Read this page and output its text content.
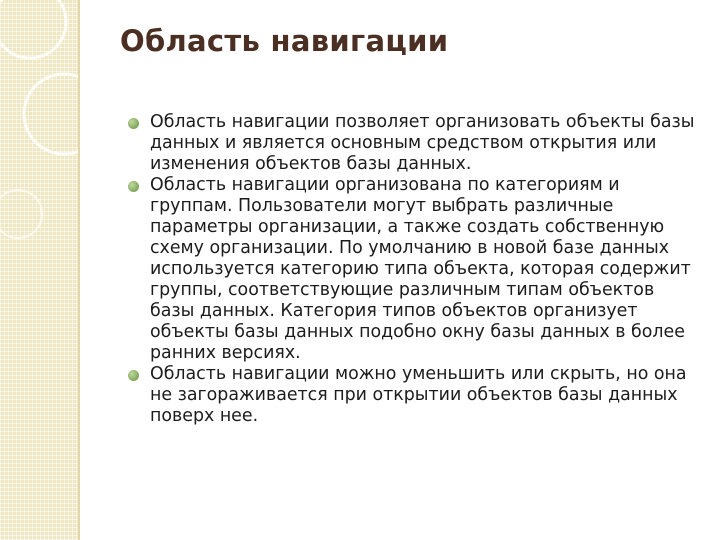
Область навигации
Область навигации позволяет организовать объекты базы данных и является основным средством открытия или изменения объектов базы данных.
Область навигации организована по категориям и группам. Пользователи могут выбрать различные параметры организации, а также создать собственную схему организации. По умолчанию в новой базе данных используется категорию типа объекта, которая содержит группы, соответствующие различным типам объектов базы данных. Категория типов объектов организует объекты базы данных подобно окну базы данных в более ранних версиях.
Область навигации можно уменьшить или скрыть, но она не загораживается при открытии объектов базы данных поверх нее.
